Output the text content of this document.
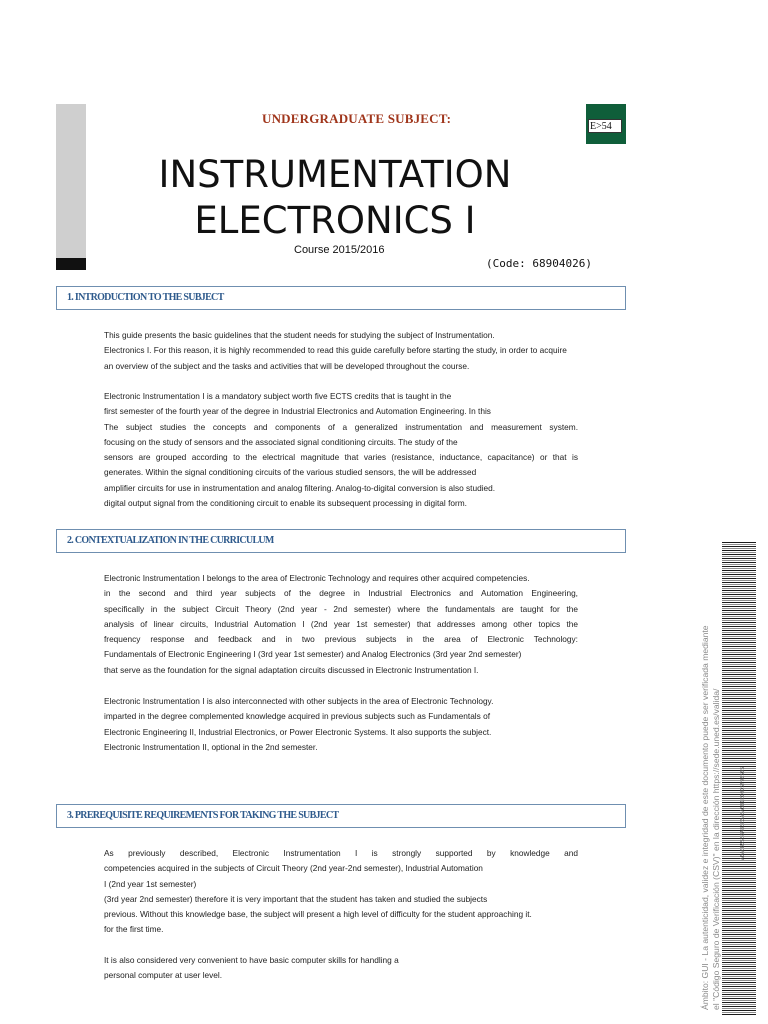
UNDERGRADUATE SUBJECT:
E>54
INSTRUMENTATION
ELECTRONICS I
Course 2015/2016
(Code: 68904026)
1. INTRODUCTION TO THE SUBJECT
This guide presents the basic guidelines that the student needs for studying the subject of Instrumentation.
Electronics I. For this reason, it is highly recommended to read this guide carefully before starting the study, in order to acquire
an overview of the subject and the tasks and activities that will be developed throughout the course.
Electronic Instrumentation I is a mandatory subject worth five ECTS credits that is taught in the
first semester of the fourth year of the degree in Industrial Electronics and Automation Engineering. In this
The subject studies the concepts and components of a generalized instrumentation and measurement system.
focusing on the study of sensors and the associated signal conditioning circuits. The study of the
sensors are grouped according to the electrical magnitude that varies (resistance, inductance, capacitance) or that is
generates. Within the signal conditioning circuits of the various studied sensors, the will be addressed
amplifier circuits for use in instrumentation and analog filtering. Analog-to-digital conversion is also studied.
digital output signal from the conditioning circuit to enable its subsequent processing in digital form.
2. CONTEXTUALIZATION IN THE CURRICULUM
Electronic Instrumentation I belongs to the area of Electronic Technology and requires other acquired competencies.
in the second and third year subjects of the degree in Industrial Electronics and Automation Engineering,
specifically in the subject Circuit Theory (2nd year - 2nd semester) where the fundamentals are taught for the
analysis of linear circuits, Industrial Automation I (2nd year 1st semester) that addresses among other topics the
frequency response and feedback and in two previous subjects in the area of Electronic Technology:
Fundamentals of Electronic Engineering I (3rd year 1st semester) and Analog Electronics (3rd year 2nd semester)
that serve as the foundation for the signal adaptation circuits discussed in Electronic Instrumentation I.
Electronic Instrumentation I is also interconnected with other subjects in the area of Electronic Technology.
imparted in the degree complemented knowledge acquired in previous subjects such as Fundamentals of
Electronic Engineering II, Industrial Electronics, or Power Electronic Systems. It also supports the subject.
Electronic Instrumentation II, optional in the 2nd semester.
3. PREREQUISITE REQUIREMENTS FOR TAKING THE SUBJECT
As previously described, Electronic Instrumentation I is strongly supported by knowledge and
competencies acquired in the subjects of Circuit Theory (2nd year-2nd semester), Industrial Automation
I (2nd year 1st semester)
(3rd year 2nd semester) therefore it is very important that the student has taken and studied the subjects
previous. Without this knowledge base, the subject will present a high level of difficulty for the student approaching it.
for the first time.
It is also considered very convenient to have basic computer skills for handling a
personal computer at user level.	Ámbito: GUI - La autenticidad, validez e integridad de este documento puede ser verificada mediante el "Código Seguro de Verificación (CSV)" en la dirección https://sede.uned.es/valida/	A0A0B5558A83E3A8A6B1EC0D5F9E505
